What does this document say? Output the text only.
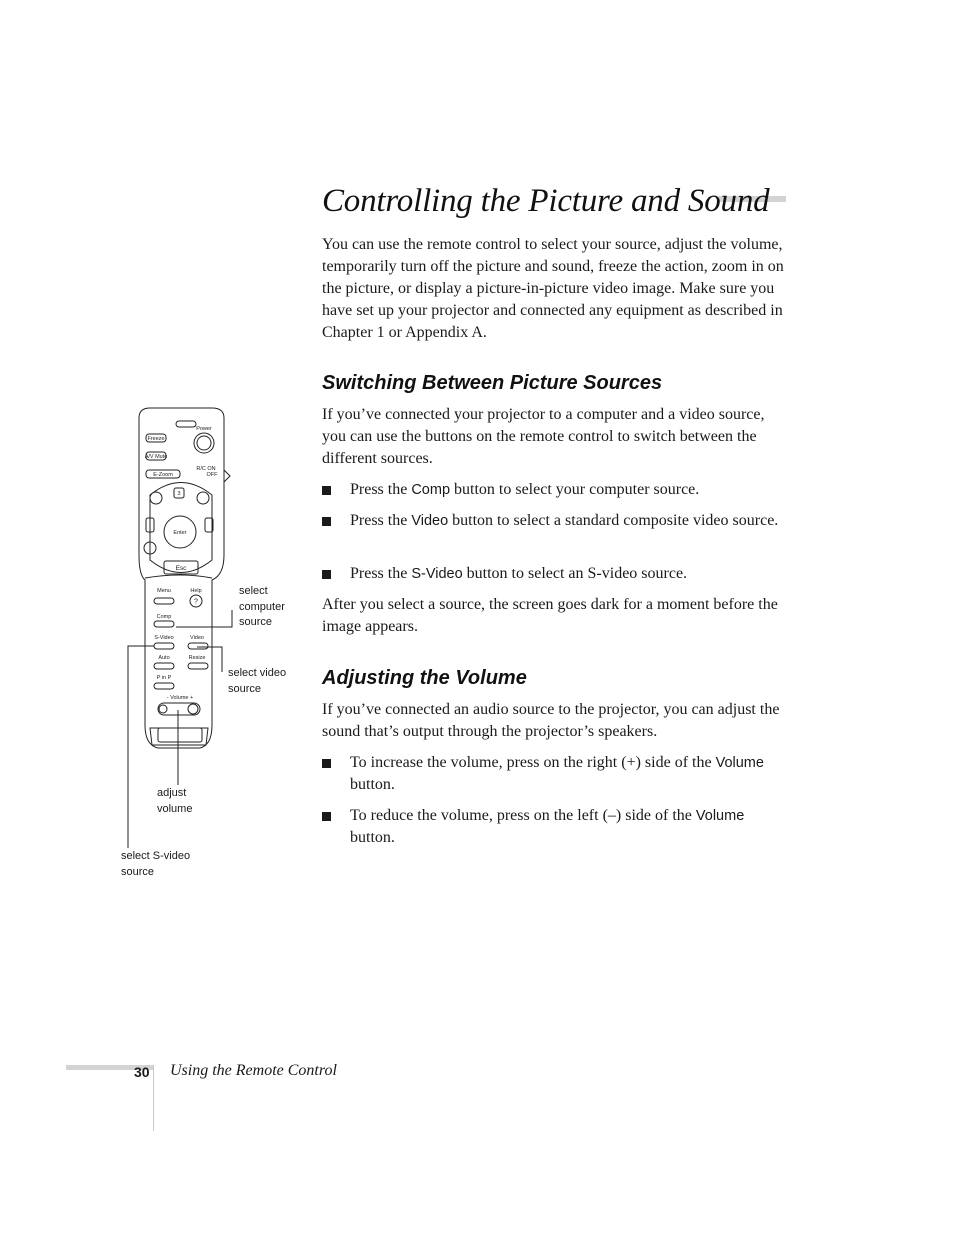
Controlling the Picture and Sound

You can use the remote control to select your source, adjust the volume, temporarily turn off the picture and sound, freeze the action, zoom in on the picture, or display a picture-in-picture video image. Make sure you have set up your projector and connected any equipment as described in Chapter 1 or Appendix A.

Switching Between Picture Sources

If you’ve connected your projector to a computer and a video source, you can use the buttons on the remote control to switch between the different sources.

Press the Comp button to select your computer source.
Press the Video button to select a standard composite video source.
Press the S-Video button to select an S-video source.

After you select a source, the screen goes dark for a moment before the image appears.

Adjusting the Volume

If you’ve connected an audio source to the projector, you can adjust the sound that’s output through the projector’s speakers.

To increase the volume, press on the right (+) side of the Volume button.
To reduce the volume, press on the left (–) side of the Volume button.
Power
Freeze
A/V Mute
E-Zoom
R/C ON
OFF
3
Enter
Esc
Menu	Help
?
Comp
S-Video	Video
Auto	Resize
P in P
- Volume +
select
computer
source
select video
source
adjust
volume
select S-video
source
30 Using the Remote Control
